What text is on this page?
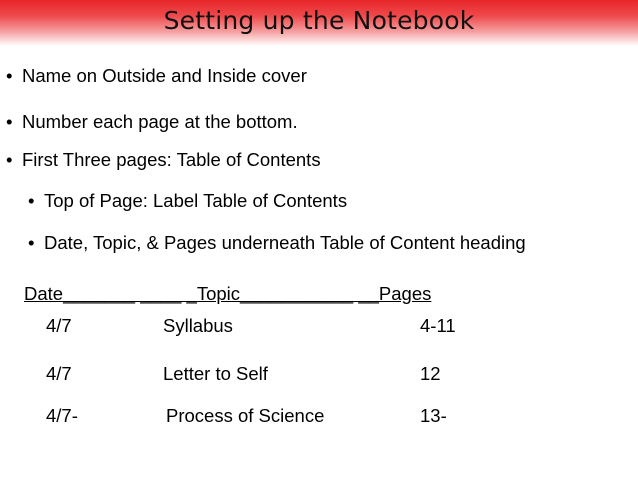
Setting up the Notebook
• Name on Outside and Inside cover
• Number each page at the bottom.
• First Three pages: Table of Contents
• Top of Page: Label Table of Contents
• Date, Topic, & Pages underneath Table of Content heading
Date_______ ____ _Topic___________ __Pages
4/7	Syllabus	4-11
4/7	Letter to Self	12
4/7-	Process of Science	13-
